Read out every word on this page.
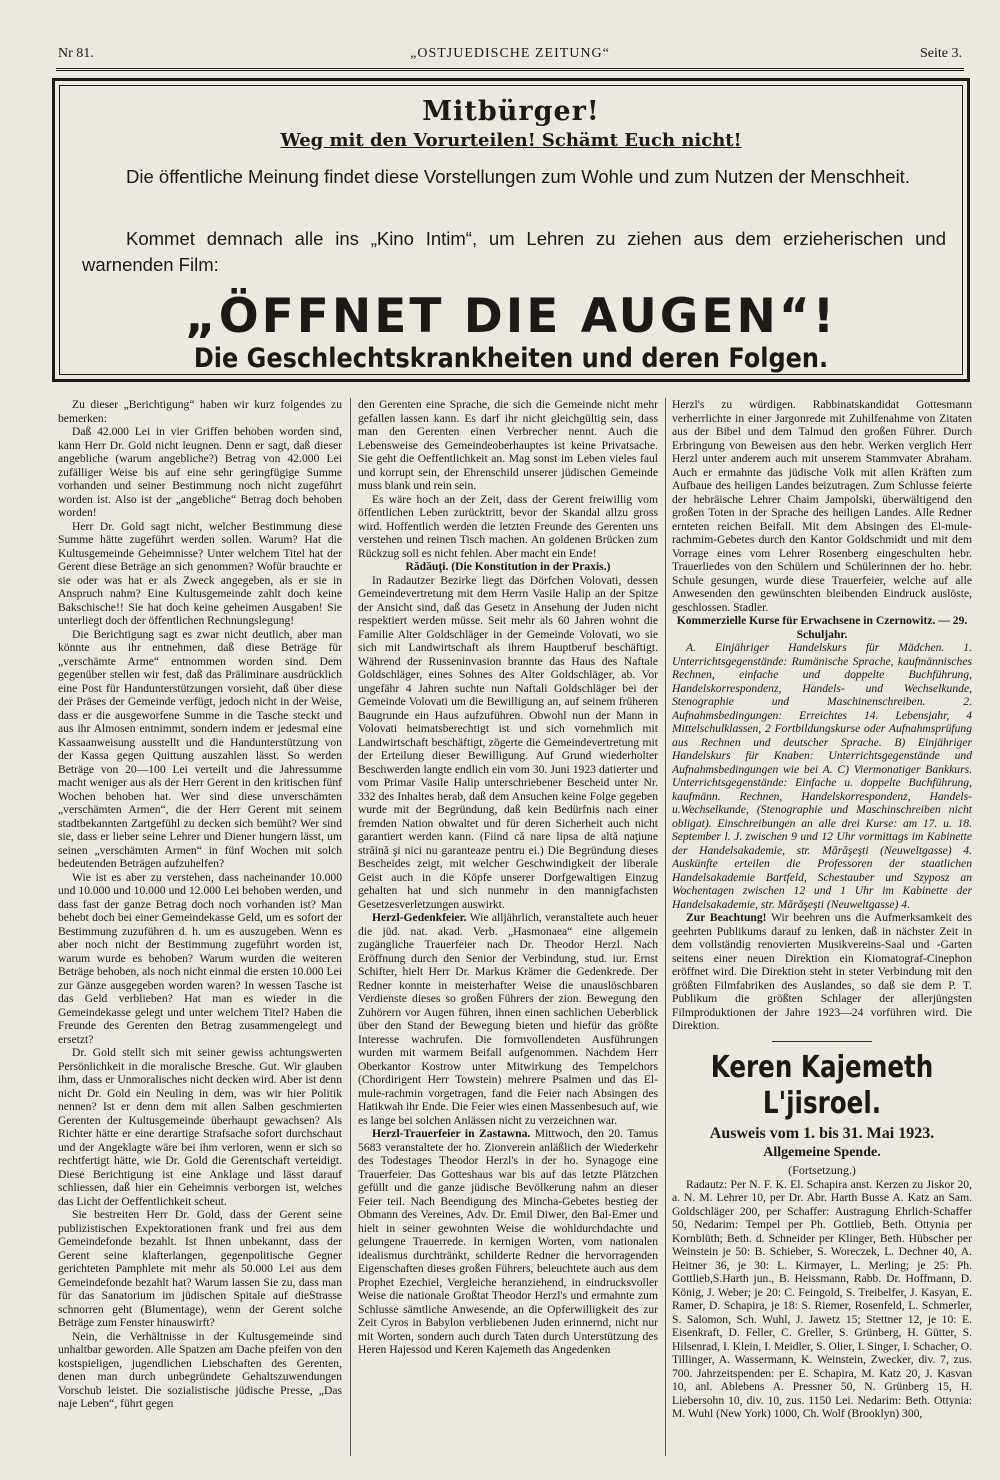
Nr 81.	„OSTJUEDISCHE ZEITUNG“	Seite 3.
Mitbürger!
Weg mit den Vorurteilen! Schämt Euch nicht!
Die öffentliche Meinung findet diese Vorstellungen zum Wohle und zum Nutzen der Menschheit.
Kommet demnach alle ins „Kino Intim“, um Lehren zu ziehen aus dem erzieherischen und warnenden Film:
„ÖFFNET DIE AUGEN“!
Die Geschlechtskrankheiten und deren Folgen.

Zu dieser „Berichtigung“ haben wir kurz folgendes zu bemerken:

Daß 42.000 Lei in vier Griffen behoben worden sind, kann Herr Dr. Gold nicht leugnen. Denn er sagt, daß dieser angebliche (warum angebliche?) Betrag von 42.000 Lei zufälliger Weise bis auf eine sehr geringfügige Summe vorhanden und seiner Bestimmung noch nicht zugeführt worden ist. Also ist der „angebliche“ Betrag doch behoben worden!

Herr Dr. Gold sagt nicht, welcher Bestimmung diese Summe hätte zugeführt werden sollen. Warum? Hat die Kultusgemeinde Geheimnisse? Unter welchem Titel hat der Gerent diese Beträge an sich genommen? Wofür brauchte er sie oder was hat er als Zweck angegeben, als er sie in Anspruch nahm? Eine Kultusgemeinde zahlt doch keine Bakschische!! Sie hat doch keine geheimen Ausgaben! Sie unterliegt doch der öffentlichen Rechnungslegung!

Die Berichtigung sagt es zwar nicht deutlich, aber man könnte aus ihr entnehmen, daß diese Beträge für „verschämte Arme“ entnommen worden sind. Dem gegenüber stellen wir fest, daß das Präliminare ausdrücklich eine Post für Handunterstützungen vorsieht, daß über diese der Präses der Gemeinde verfügt, jedoch nicht in der Weise, dass er die ausgeworfene Summe in die Tasche steckt und aus ihr Almosen entnimmt, sondern indem er jedesmal eine Kassaanweisung ausstellt und die Handunterstützung von der Kassa gegen Quittung auszahlen lässt. So werden Beträge von 20—100 Lei verteilt und die Jahressumme macht weniger aus als der Herr Gerent in den kritischen fünf Wochen behoben hat. Wer sind diese unverschämten „verschämten Armen“, die der Herr Gerent mit seinem stadtbekannten Zartgefühl zu decken sich bemüht? Wer sind sie, dass er lieber seine Lehrer und Diener hungern lässt, um seinen „verschämten Armen“ in fünf Wochen mit solch bedeutenden Beträgen aufzuhelfen?

Wie ist es aber zu verstehen, dass nacheinander 10.000 und 10.000 und 10.000 und 12.000 Lei behoben werden, und dass fast der ganze Betrag doch noch vorhanden ist? Man behebt doch bei einer Gemeindekasse Geld, um es sofort der Bestimmung zuzuführen d. h. um es auszugeben. Wenn es aber noch nicht der Bestimmung zugeführt worden ist, warum wurde es behoben? Warum wurden die weiteren Beträge behoben, als noch nicht einmal die ersten 10.000 Lei zur Gänze ausgegeben worden waren? In wessen Tasche ist das Geld verblieben? Hat man es wieder in die Gemeindekasse gelegt und unter welchem Titel? Haben die Freunde des Gerenten den Betrag zusammengelegt und ersetzt?

Dr. Gold stellt sich mit seiner gewiss achtungswerten Persönlichkeit in die moralische Bresche. Gut. Wir glauben ihm, dass er Unmoralisches nicht decken wird. Aber ist denn nicht Dr. Gold ein Neuling in dem, was wir hier Politik nennen? Ist er denn dem mit allen Salben geschmierten Gerenten der Kultusgemeinde überhaupt gewachsen? Als Richter hätte er eine derartige Strafsache sofort durchschaut und der Angeklagte wäre bei ihm verloren, wenn er sich so rechtfertigt hätte, wie Dr. Gold die Gerentschaft verteidigt. Diese Berichtigung ist eine Anklage und lässt darauf schliessen, daß hier ein Geheimnis verborgen ist, welches das Licht der Oeffentlichkeit scheut.

Sie bestreiten Herr Dr. Gold, dass der Gerent seine publizistischen Expektorationen frank und frei aus dem Gemeindefonde bezahlt. Ist Ihnen unbekannt, dass der Gerent seine klafterlangen, gegenpolitische Gegner gerichteten Pamphlete mit mehr als 50.000 Lei aus dem Gemeindefonde bezahlt hat? Warum lassen Sie zu, dass man für das Sanatorium im jüdischen Spitale auf dieStrasse schnorren geht (Blumentage), wenn der Gerent solche Beträge zum Fenster hinauswirft?

Nein, die Verhältnisse in der Kultusgemeinde sind unhaltbar geworden. Alle Spatzen am Dache pfeifen von den kostspieligen, jugendlichen Liebschaften des Gerenten, denen man durch unbegründete Gehaltszuwendungen Vorschub leistet. Die sozialistische jüdische Presse, „Das naje Leben“, führt gegen

den Gerenten eine Sprache, die sich die Gemeinde nicht mehr gefallen lassen kann. Es darf ihr nicht gleichgültig sein, dass man den Gerenten einen Verbrecher nennt. Auch die Lebensweise des Gemeindeoberhauptes ist keine Privatsache. Sie geht die Oeffentlichkeit an. Mag sonst im Leben vieles faul und korrupt sein, der Ehrenschild unserer jüdischen Gemeinde muss blank und rein sein.

Es wäre hoch an der Zeit, dass der Gerent freiwillig vom öffentlichen Leben zurücktritt, bevor der Skandal allzu gross wird. Hoffentlich werden die letzten Freunde des Gerenten uns verstehen und reinen Tisch machen. An goldenen Brücken zum Rückzug soll es nicht fehlen. Aber macht ein Ende!

Rădăuţi. (Die Konstitution in der Praxis.)

In Radautzer Bezirke liegt das Dörfchen Volovati, dessen Gemeindevertretung mit dem Herrn Vasile Halip an der Spitze der Ansicht sind, daß das Gesetz in Ansehung der Juden nicht respektiert werden müsse. Seit mehr als 60 Jahren wohnt die Familie Alter Goldschläger in der Gemeinde Volovati, wo sie sich mit Landwirtschaft als ihrem Hauptberuf beschäftigt. Während der Russeninvasion brannte das Haus des Naftale Goldschläger, eines Sohnes des Alter Goldschläger, ab. Vor ungefähr 4 Jahren suchte nun Naftali Goldschläger bei der Gemeinde Volovati um die Bewilligung an, auf seinem früheren Baugrunde ein Haus aufzuführen. Obwohl nun der Mann in Volovati heimatsberechtigt ist und sich vornehmlich mit Landwirtschaft beschäftigt, zögerte die Gemeindevertretung mit der Erteilung dieser Bewilligung. Auf Grund wiederholter Beschwerden langte endlich ein vom 30. Juni 1923 datierter und vom Primar Vasile Halip unterschriebener Bescheid unter Nr. 332 des Inhaltes herab, daß dem Ansuchen keine Folge gegeben wurde mit der Begründung, daß kein Bedürfnis nach einer fremden Nation obwaltet und für deren Sicherheit auch nicht garantiert werden kann. (Fiind că nare lipsa de altă naţiune străină şi nici nu garanteaze pentru ei.) Die Begründung dieses Bescheides zeigt, mit welcher Geschwindigkeit der liberale Geist auch in die Köpfe unserer Dorfgewaltigen Einzug gehalten hat und sich nunmehr in den mannigfachsten Gesetzesverletzungen auswirkt.

Herzl-Gedenkfeier. Wie alljährlich, veranstaltete auch heuer die jüd. nat. akad. Verb. „Hasmonaea“ eine allgemein zugängliche Trauerfeier nach Dr. Theodor Herzl. Nach Eröffnung durch den Senior der Verbindung, stud. iur. Ernst Schifter, hielt Herr Dr. Markus Krämer die Gedenkrede. Der Redner konnte in meisterhafter Weise die unauslöschbaren Verdienste dieses so großen Führers der zion. Bewegung den Zuhörern vor Augen führen, ihnen einen sachlichen Ueberblick über den Stand der Bewegung bieten und hiefür das größte Interesse wachrufen. Die formvollendeten Ausführungen wurden mit warmem Beifall aufgenommen. Nachdem Herr Oberkantor Kostrow unter Mitwirkung des Tempelchors (Chordirigent Herr Towstein) mehrere Psalmen und das El-mule-rachmin vorgetragen, fand die Feier nach Absingen des Hatikwah ihr Ende. Die Feier wies einen Massenbesuch auf, wie es lange bei solchen Anlässen nicht zu verzeichnen war.

Herzl-Trauerfeier in Zastawna. Mittwoch, den 20. Tamus 5683 veranstaltete der ho. Zionverein anläßlich der Wiederkehr des Todestages Theodor Herzl's in der ho. Synagoge eine Trauerfeier. Das Gotteshaus war bis auf das letzte Plätzchen gefüllt und die ganze jüdische Bevölkerung nahm an dieser Feier teil. Nach Beendigung des Mincha-Gebetes bestieg der Obmann des Vereines, Adv. Dr. Emil Diwer, den Bal-Emer und hielt in seiner gewohnten Weise die wohldurchdachte und gelungene Trauerrede. In kernigen Worten, vom nationalen idealismus durchtränkt, schilderte Redner die hervorragenden Eigenschaften dieses großen Führers, beleuchtete auch aus dem Prophet Ezechiel, Vergleiche heranziehend, in eindrucksvoller Weise die nationale Großtat Theodor Herzl's und ermahnte zum Schlusse sämtliche Anwesende, an die Opferwilligkeit des zur Zeit Cyros in Babylon verbliebenen Juden erinnernd, nicht nur mit Worten, sondern auch durch Taten durch Unterstützung des Heren Hajessod und Keren Kajemeth das Angedenken

Herzl's zu würdigen. Rabbinatskandidat Gottesmann verherrlichte in einer Jargonrede mit Zuhilfenahme von Zitaten aus der Bibel und dem Talmud den großen Führer. Durch Erbringung von Beweisen aus den hebr. Werken verglich Herr Herzl unter anderem auch mit unserem Stammvater Abraham. Auch er ermahnte das jüdische Volk mit allen Kräften zum Aufbaue des heiligen Landes beizutragen. Zum Schlusse feierte der hebräische Lehrer Chaim Jampolski, überwältigend den großen Toten in der Sprache des heiligen Landes. Alle Redner ernteten reichen Beifall. Mit dem Absingen des El-mule-rachmim-Gebetes durch den Kantor Goldschmidt und mit dem Vorrage eines vom Lehrer Rosenberg eingeschulten hebr. Trauerliedes von den Schülern und Schülerinnen der ho. hebr. Schule gesungen, wurde diese Trauerfeier, welche auf alle Anwesenden den gewünschten bleibenden Eindruck auslöste, geschlossen. Stadler.

Kommerzielle Kurse für Erwachsene in Czernowitz. — 29. Schuljahr.

A. Einjähriger Handelskurs für Mädchen. 1. Unterrichtsgegenstände: Rumänische Sprache, kaufmännisches Rechnen, einfache und doppelte Buchführung, Handelskorrespondenz, Handels- und Wechselkunde, Stenographie und Maschinenschreiben. 2. Aufnahmsbedingungen: Erreichtes 14. Lebensjahr, 4 Mittelschulklassen, 2 Fortbildungskurse oder Aufnahmsprüfung aus Rechnen und deutscher Sprache. B) Einjähriger Handelskurs für Knaben: Unterrichtsgegenstände und Aufnahmsbedingungen wie bei A. C) Viermonatiger Bankkurs. Unterrichtsgegenstände: Einfache u. doppelte Buchführung, kaufmänn. Rechnen, Handelskorrespondenz, Handels- u.Wechselkunde, (Stenographie und Maschinschreiben nicht obligat). Einschreibungen an alle drei Kurse: am 17. u. 18. September l. J. zwischen 9 und 12 Uhr vormittags im Kabinette der Handelsakademie, str. Mărăşeşti (Neuweltgasse) 4. Auskünfte erteilen die Professoren der staatlichen Handelsakademie Bartfeld, Schestauber und Szyposz an Wochentagen zwischen 12 und 1 Uhr im Kabinette der Handelsakademie, str. Mărăşeşti (Neuweltgasse) 4.

Zur Beachtung! Wir beehren uns die Aufmerksamkeit des geehrten Publikums darauf zu lenken, daß in nächster Zeit in dem vollständig renovierten Musikvereins-Saal und -Garten seitens einer neuen Direktion ein Kiomatograf-Cinephon eröffnet wird. Die Direktion steht in steter Verbindung mit den größten Filmfabriken des Auslandes, so daß sie dem P. T. Publikum die größten Schlager der allerjüngsten Filmproduktionen der Jahre 1923—24 vorführen wird. Die Direktion.

Keren Kajemeth L'jisroel.
Ausweis vom 1. bis 31. Mai 1923.
Allgemeine Spende.
(Fortsetzung.)

Radautz: Per N. F. K. El. Schapira anst. Kerzen zu Jiskor 20, a. N. M. Lehrer 10, per Dr. Abr. Harth Busse A. Katz an Sam. Goldschläger 200, per Schaffer: Austragung Ehrlich-Schaffer 50, Nedarim: Tempel per Ph. Gottlieb, Beth. Ottynia per Kornblüth; Beth. d. Schneider per Klinger, Beth. Hübscher per Weinstein je 50: B. Schieber, S. Woreczek, L. Dechner 40, A. Heitner 36, je 30: L. Kirmayer, L. Merling; je 25: Ph. Gottlieb,S.Harth jun., B. Heissmann, Rabb. Dr. Hoffmann, D. König, J. Weber; je 20: C. Feingold, S. Treibelfer, J. Kasyan, E. Ramer, D. Schapira, je 18: S. Riemer, Rosenfeld, L. Schmerler, S. Salomon, Sch. Wuhl, J. Jawetz 15; Stettner 12, je 10: E. Eisenkraft, D. Feller, C. Greller, S. Grünberg, H. Gütter, S. Hilsenrad, I. Klein, I. Meidler, S. Olier, I. Singer, I. Schacher, O. Tillinger, A. Wassermann, K. Weinstein, Zwecker, div. 7, zus. 700. Jahrzeitspenden: per E. Schapira, M. Katz 20, J. Kasvan 10, anl. Ablebens A. Pressner 50, N. Grünberg 15, H. Liebersohn 10, div. 10, zus. 1150 Lei. Nedarim: Beth. Ottynia: M. Wuhl (New York) 1000, Ch. Wolf (Brooklyn) 300,
